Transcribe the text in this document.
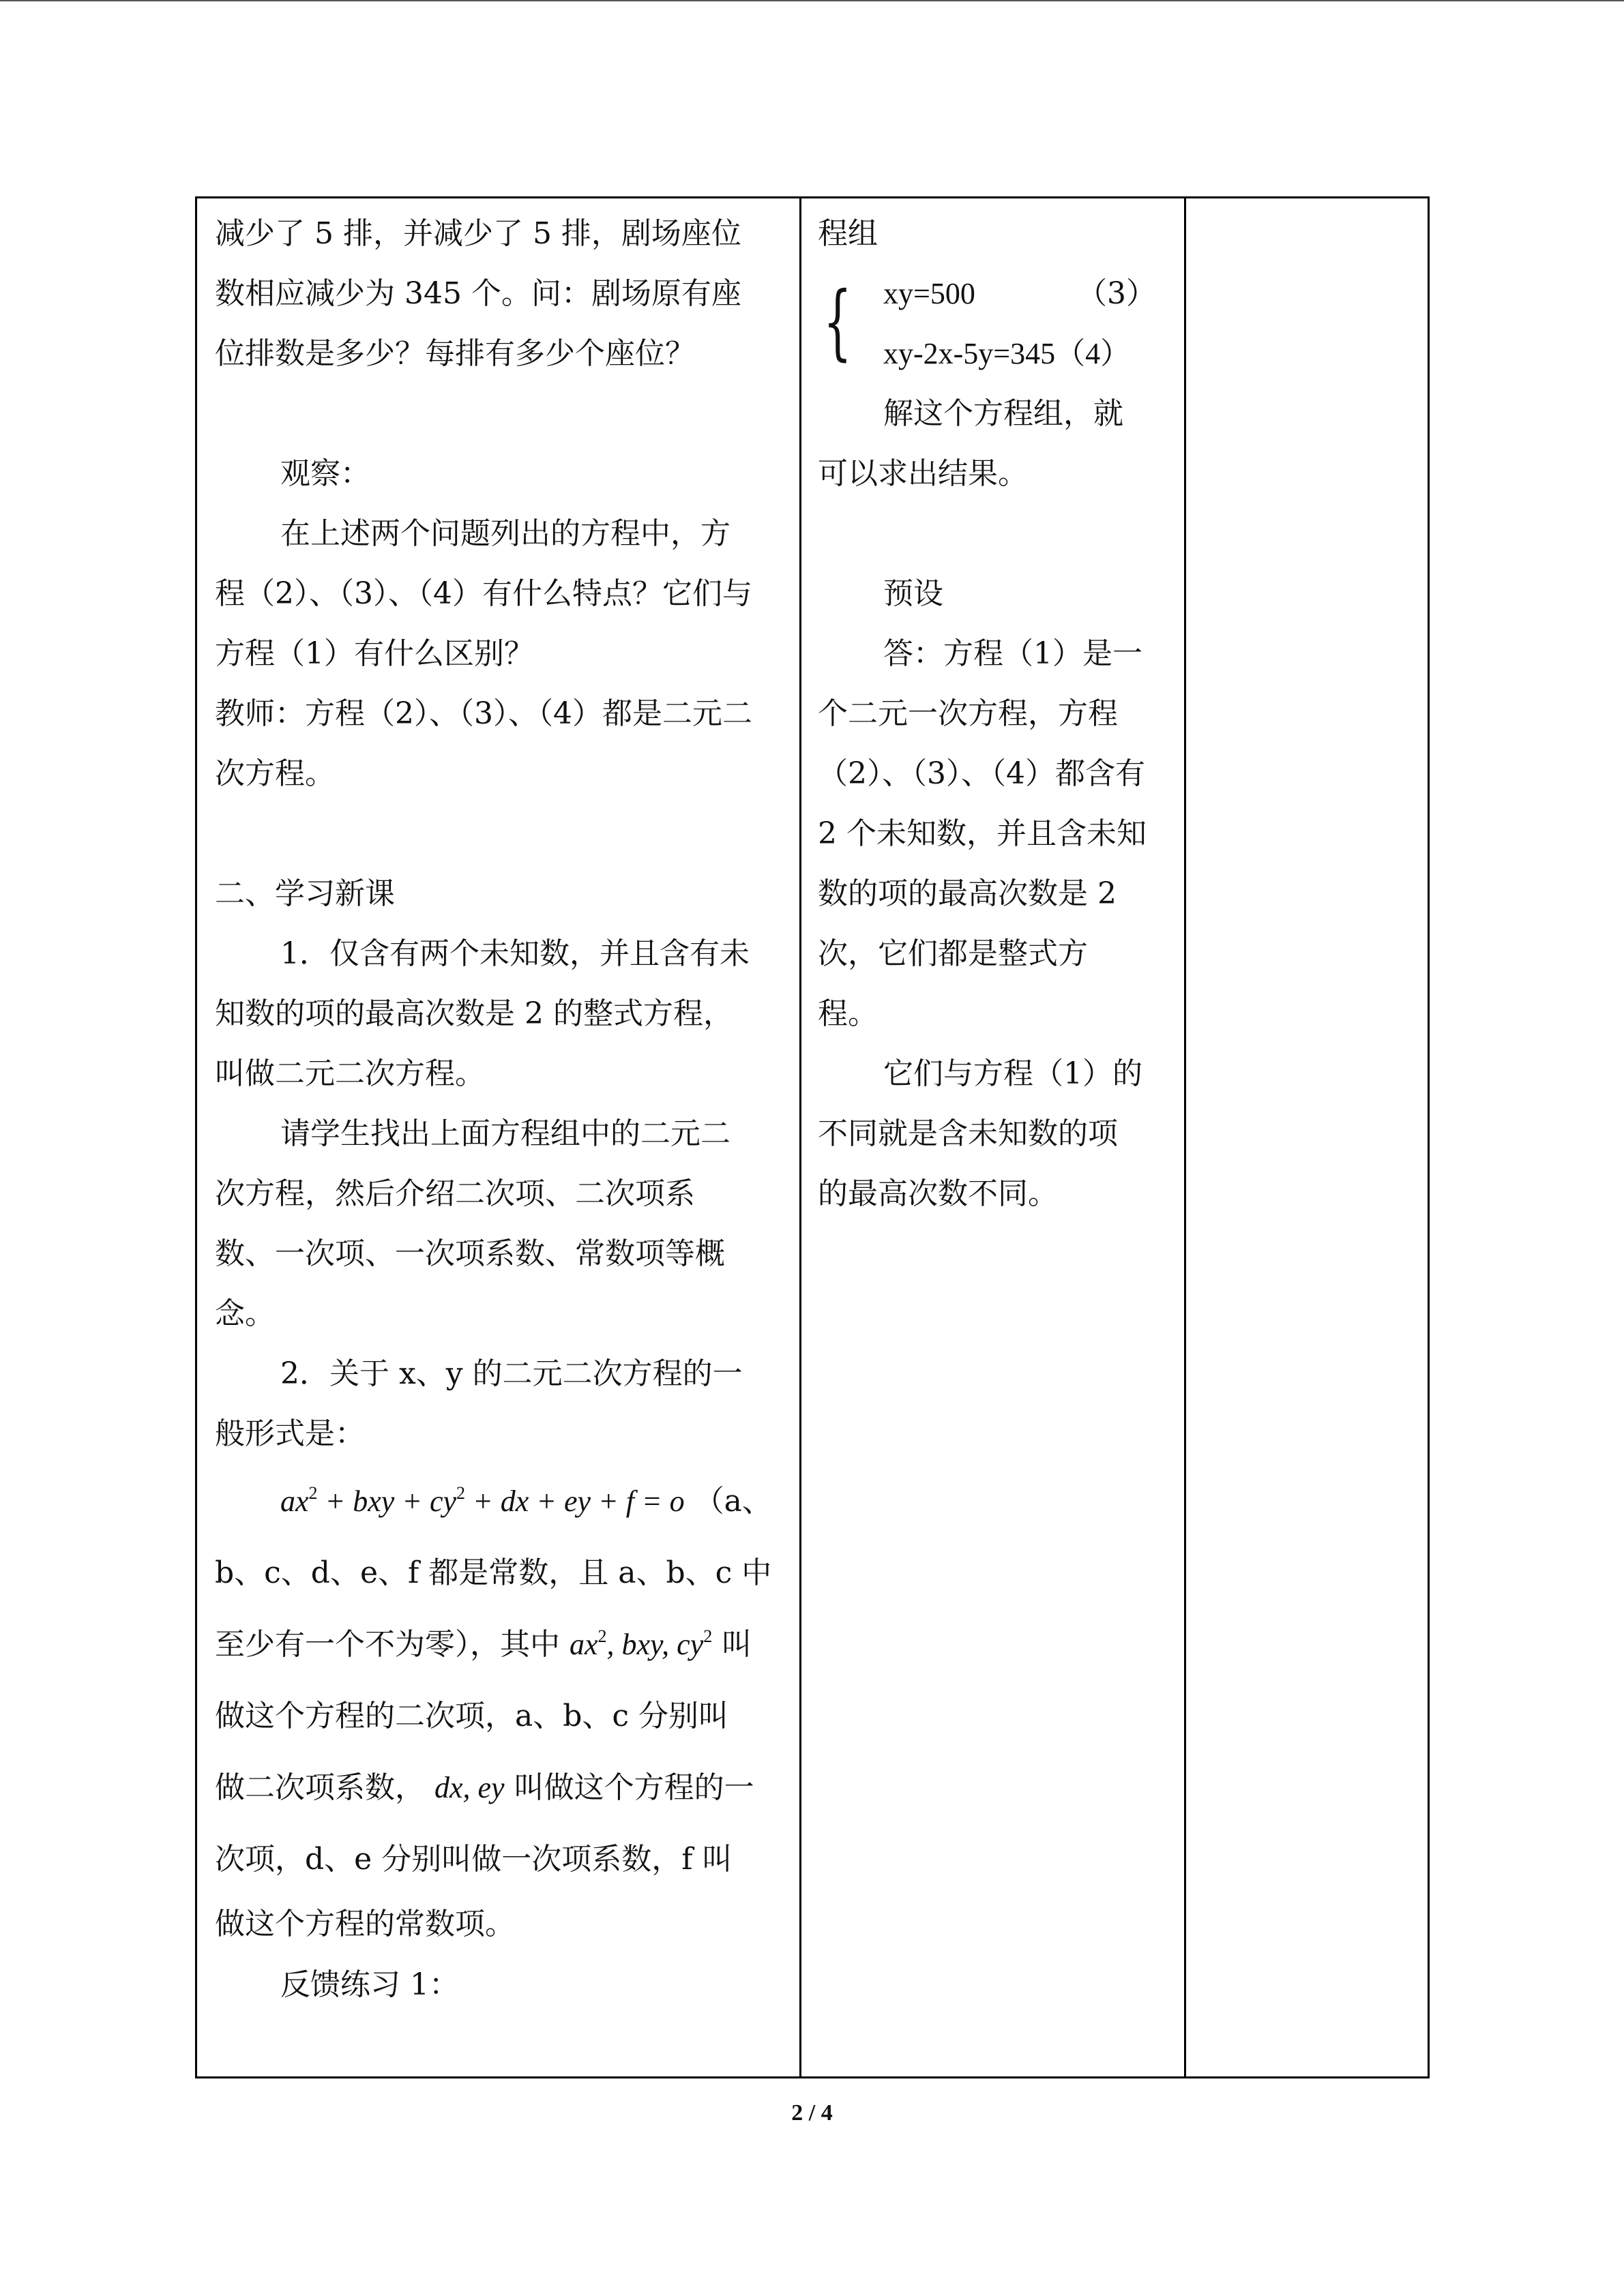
减少了 5 排，并减少了 5 排，剧场座位
数相应减少为 345 个。问：剧场原有座
位排数是多少？每排有多少个座位？
观察：
在上述两个问题列出的方程中，方
程（2）、（3）、（4）有什么特点？它们与
方程（1）有什么区别？
教师：方程（2）、（3）、（4）都是二元二
次方程。
二、学习新课
1．仅含有两个未知数，并且含有未
知数的项的最高次数是 2 的整式方程，
叫做二元二次方程。
请学生找出上面方程组中的二元二
次方程，然后介绍二次项、二次项系
数、一次项、一次项系数、常数项等概
念。
2．关于 x、y 的二元二次方程的一
般形式是：
$ax^2$ + bxy + $cy^2$ + dx + ey + f = o （a、
b、c、d、e、f 都是常数，且 a、b、c 中
至少有一个不为零），其中 $ax^2$, bxy, $cy^2$ 叫
做这个方程的二次项，a、b、c 分别叫
做二次项系数， dx, ey 叫做这个方程的一
次项，d、e 分别叫做一次项系数，f 叫
做这个方程的常数项。
反馈练习 1：
程组
{ xy=500	（3）
xy-2x-5y=345（4）
解这个方程组，就
可以求出结果。
预设
答：方程（1）是一
个二元一次方程，方程
（2）、（3）、（4）都含有
2 个未知数，并且含未知
数的项的最高次数是 2
次，它们都是整式方
程。
它们与方程（1）的
不同就是含未知数的项
的最高次数不同。
2 / 4
